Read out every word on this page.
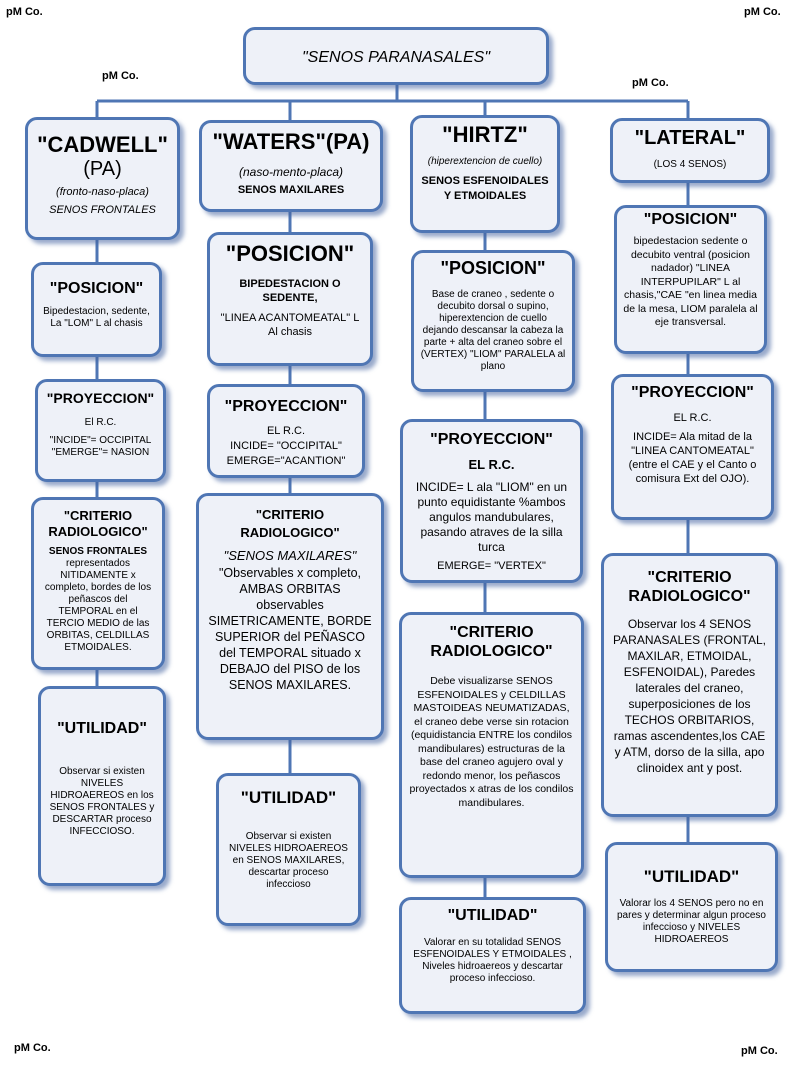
pM Co.	pM Co.
pM Co.
pM Co.
pM Co.	pM Co.
"SENOS PARANASALES"
"CADWELL"
(PA)
(fronto-naso-placa)
SENOS FRONTALES
"POSICION"
Bipedestacion, sedente, La "LOM" L al chasis
"PROYECCION"
El R.C.
"INCIDE"= OCCIPITAL
"EMERGE"= NASION
"CRITERIO RADIOLOGICO"
SENOS FRONTALES
representados NITIDAMENTE x completo, bordes de los peñascos del TEMPORAL en el TERCIO MEDIO de las ORBITAS, CELDILLAS ETMOIDALES.
"UTILIDAD"
Observar si existen NIVELES HIDROAEREOS en los SENOS FRONTALES y DESCARTAR proceso INFECCIOSO.
"WATERS"(PA)
(naso-mento-placa)
SENOS MAXILARES
"POSICION"
BIPEDESTACION O SEDENTE,
"LINEA ACANTOMEATAL" L Al chasis
"PROYECCION"
EL R.C.
INCIDE= "OCCIPITAL"
EMERGE="ACANTION"
"CRITERIO RADIOLOGICO"
"SENOS MAXILARES"
"Observables x completo, AMBAS ORBITAS observables SIMETRICAMENTE, BORDE SUPERIOR del PEÑASCO del TEMPORAL situado x DEBAJO del PISO de los SENOS MAXILARES.
"UTILIDAD"
Observar si existen NIVELES HIDROAEREOS en SENOS MAXILARES, descartar proceso infeccioso
"HIRTZ"
(hiperextencion de cuello)
SENOS ESFENOIDALES Y ETMOIDALES
"POSICION"
Base de craneo , sedente o decubito dorsal o supino, hiperextencion de cuello dejando descansar la cabeza la parte + alta del craneo sobre el (VERTEX) "LIOM" PARALELA al plano
"PROYECCION"
EL R.C.
INCIDE= L ala "LIOM" en un punto equidistante %ambos angulos mandubulares, pasando atraves de la silla turca
EMERGE= "VERTEX"
"CRITERIO RADIOLOGICO"
Debe visualizarse SENOS ESFENOIDALES y CELDILLAS MASTOIDEAS NEUMATIZADAS, el craneo debe verse sin rotacion (equidistancia ENTRE los condilos mandibulares) estructuras de la base del craneo agujero oval y redondo menor, los peñascos proyectados x atras de los condilos mandibulares.
"UTILIDAD"
Valorar en su totalidad SENOS ESFENOIDALES Y ETMOIDALES , Niveles hidroaereos y descartar proceso infeccioso.
"LATERAL"
(LOS 4 SENOS)
"POSICION"
bipedestacion sedente o decubito ventral (posicion nadador) "LINEA INTERPUPILAR" L al chasis,"CAE "en linea media de la mesa, LIOM paralela al eje transversal.
"PROYECCION"
EL R.C.
INCIDE= Ala mitad de la "LINEA CANTOMEATAL" (entre el CAE y el Canto o comisura Ext del OJO).
"CRITERIO RADIOLOGICO"
Observar los 4 SENOS PARANASALES (FRONTAL, MAXILAR, ETMOIDAL, ESFENOIDAL), Paredes laterales del craneo, superposiciones de los TECHOS ORBITARIOS, ramas ascendentes,los CAE y ATM, dorso de la silla, apo clinoidex ant y post.
"UTILIDAD"
Valorar los 4 SENOS pero no en pares y determinar algun proceso infeccioso y NIVELES HIDROAEREOS
